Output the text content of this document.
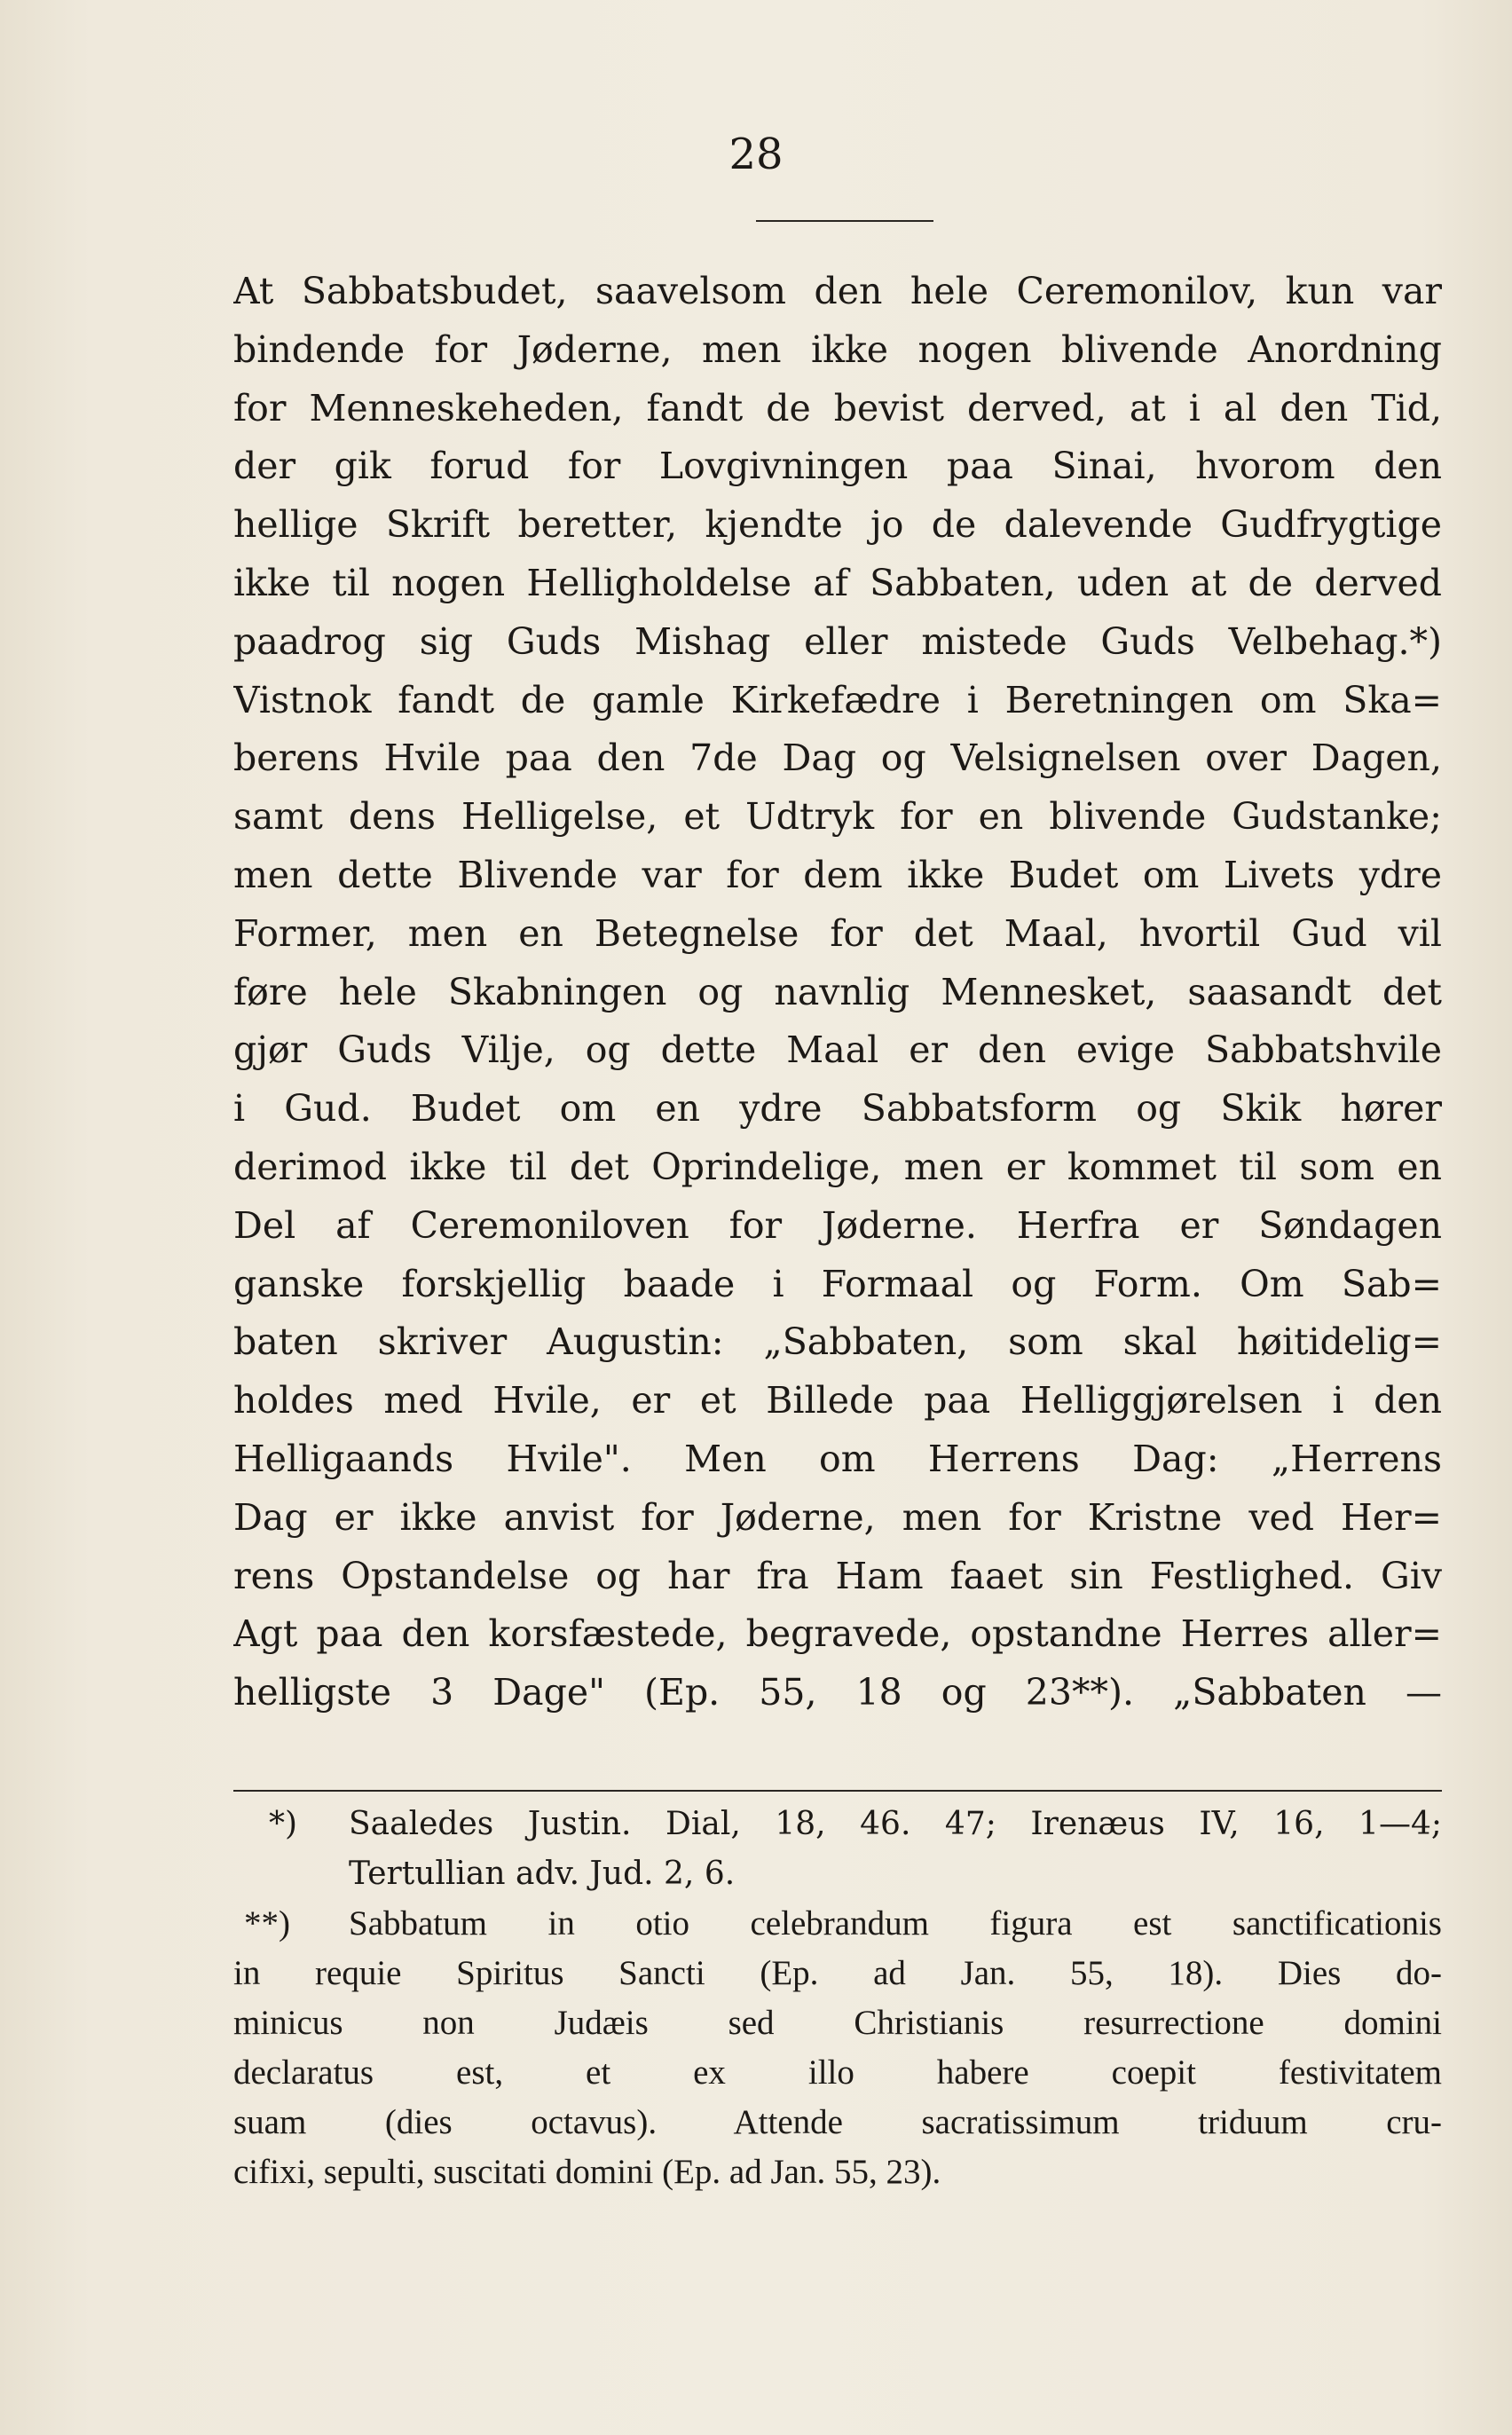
28
At Sabbatsbudet, saavelsom den hele Ceremonilov, kun var
bindende for Jøderne, men ikke nogen blivende Anordning
for Menneskeheden, fandt de bevist derved, at i al den Tid,
der gik forud for Lovgivningen paa Sinai, hvorom den
hellige Skrift beretter, kjendte jo de dalevende Gudfrygtige
ikke til nogen Helligholdelse af Sabbaten, uden at de derved
paadrog sig Guds Mishag eller mistede Guds Velbehag.*)
Vistnok fandt de gamle Kirkefædre i Beretningen om Ska=
berens Hvile paa den 7de Dag og Velsignelsen over Dagen,
samt dens Helligelse, et Udtryk for en blivende Gudstanke;
men dette Blivende var for dem ikke Budet om Livets ydre
Former, men en Betegnelse for det Maal, hvortil Gud vil
føre hele Skabningen og navnlig Mennesket, saasandt det
gjør Guds Vilje, og dette Maal er den evige Sabbatshvile
i Gud. Budet om en ydre Sabbatsform og Skik hører
derimod ikke til det Oprindelige, men er kommet til som en
Del af Ceremoniloven for Jøderne. Herfra er Søndagen
ganske forskjellig baade i Formaal og Form. Om Sab=
baten skriver Augustin: „Sabbaten, som skal høitidelig=
holdes med Hvile, er et Billede paa Helliggjørelsen i den
Helligaands Hvile". Men om Herrens Dag: „Herrens
Dag er ikke anvist for Jøderne, men for Kristne ved Her=
rens Opstandelse og har fra Ham faaet sin Festlighed. Giv
Agt paa den korsfæstede, begravede, opstandne Herres aller=
helligste 3 Dage" (Ep. 55, 18 og 23**). „Sabbaten —
*) Saaledes Justin. Dial, 18, 46. 47; Irenæus IV, 16, 1—4;
Tertullian adv. Jud. 2, 6.
**) Sabbatum in otio celebrandum figura est sanctificationis
in requie Spiritus Sancti (Ep. ad Jan. 55, 18). Dies do-
minicus non Judæis sed Christianis resurrectione domini
declaratus est, et ex illo habere coepit festivitatem
suam (dies octavus). Attende sacratissimum triduum cru-
cifixi, sepulti, suscitati domini (Ep. ad Jan. 55, 23).
